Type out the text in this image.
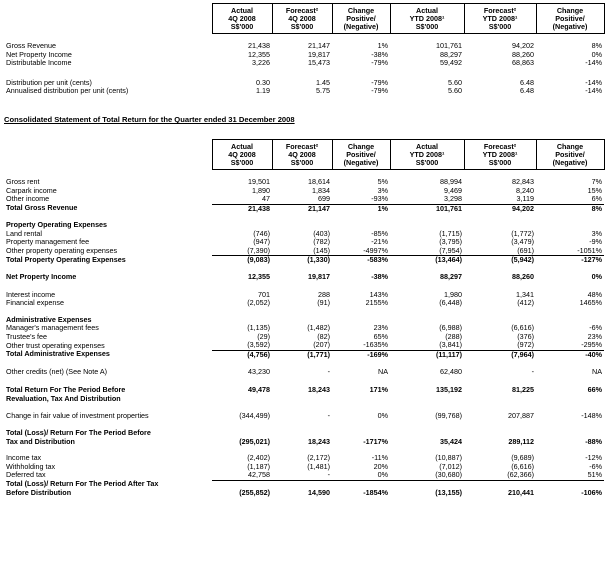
	Actual
4Q 2008
S$'000	Forecast²
4Q 2008
S$'000	Change
Positive/
(Negative)	Actual
YTD 2008¹
S$'000	Forecast²
YTD 2008¹
S$'000	Change
Positive/
(Negative)

Gross Revenue	21,438	21,147	1%	101,761	94,202	8%
Net Property Income	12,355	19,817	-38%	88,297	88,260	0%
Distributable Income	3,226	15,473	-79%	59,492	68,863	-14%

Distribution per unit (cents)	0.30	1.45	-79%	5.60	6.48	-14%
Annualised distribution per unit (cents)	1.19	5.75	-79%	5.60	6.48	-14%
Consolidated Statement of Total Return for the Quarter ended 31 December 2008
	Actual
4Q 2008
S$'000	Forecast²
4Q 2008
S$'000	Change
Positive/
(Negative)	Actual
YTD 2008¹
S$'000	Forecast²
YTD 2008¹
S$'000	Change
Positive/
(Negative)

Gross rent	19,501	18,614	5%	88,994	82,843	7%
Carpark income	1,890	1,834	3%	9,469	8,240	15%
Other income	47	699	-93%	3,298	3,119	6%
Total Gross Revenue	21,438	21,147	1%	101,761	94,202	8%

Property Operating Expenses						
Land rental	(746)	(403)	-85%	(1,715)	(1,772)	3%
Property management fee	(947)	(782)	-21%	(3,795)	(3,479)	-9%
Other property operating expenses	(7,390)	(145)	-4997%	(7,954)	(691)	-1051%
Total Property Operating Expenses	(9,083)	(1,330)	-583%	(13,464)	(5,942)	-127%

Net Property Income	12,355	19,817	-38%	88,297	88,260	0%

Interest income	701	288	143%	1,980	1,341	48%
Financial expense	(2,052)	(91)	2155%	(6,448)	(412)	1465%

Administrative Expenses						
Manager's management fees	(1,135)	(1,482)	23%	(6,988)	(6,616)	-6%
Trustee's fee	(29)	(82)	65%	(288)	(376)	23%
Other trust operating expenses	(3,592)	(207)	-1635%	(3,841)	(972)	-295%
Total Administrative Expenses	(4,756)	(1,771)	-169%	(11,117)	(7,964)	-40%

Other credits (net) (See Note A)	43,230	-	NA	62,480	-	NA

Total Return For The Period Before	49,478	18,243	171%	135,192	81,225	66%
Revaluation, Tax And Distribution						

Change in fair value of investment properties	(344,499)	-	0%	(99,768)	207,887	-148%

Total (Loss)/ Return For The Period Before						
Tax and Distribution	(295,021)	18,243	-1717%	35,424	289,112	-88%

Income tax	(2,402)	(2,172)	-11%	(10,887)	(9,689)	-12%
Withholding tax	(1,187)	(1,481)	20%	(7,012)	(6,616)	-6%
Deferred tax	42,758	-	0%	(30,680)	(62,366)	51%
Total (Loss)/ Return For The Period After Tax						
Before Distribution	(255,852)	14,590	-1854%	(13,155)	210,441	-106%
